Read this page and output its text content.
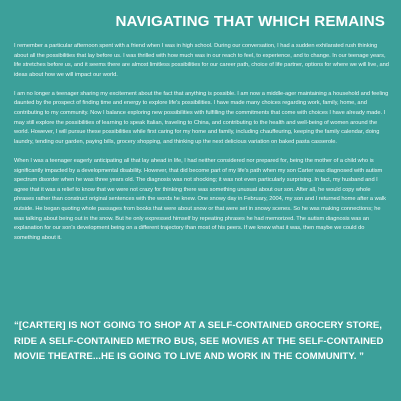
NAVIGATING THAT WHICH REMAINS

I remember a particular afternoon spent with a friend when I was in high school. During our conversation, I had a sudden exhilarated rush thinking about all the possibilities that lay before us. I was thrilled with how much was in our reach to feel, to experience, and to change. In our teenage years, life stretches before us, and it seems there are almost limitless possibilities for our career path, choice of life partner, options for where we will live, and ideas about how we will impact our world.

I am no longer a teenager sharing my excitement about the fact that anything is possible. I am now a middle-ager maintaining a household and feeling daunted by the prospect of finding time and energy to explore life's possibilities. I have made many choices regarding work, family, home, and contributing to my community. Now I balance exploring new possibilities with fulfilling the commitments that come with choices I have already made. I may still explore the possibilities of learning to speak Italian, traveling to China, and contributing to the health and well-being of women around the world. However, I will pursue these possibilities while first caring for my home and family, including chauffeuring, keeping the family calendar, doing laundry, tending our garden, paying bills, grocery shopping, and thinking up the next delicious variation on baked pasta casserole.

When I was a teenager eagerly anticipating all that lay ahead in life, I had neither considered nor prepared for, being the mother of a child who is significantly impacted by a developmental disability. However, that did become part of my life's path when my son Carter was diagnosed with autism spectrum disorder when he was three years old. The diagnosis was not shocking; it was not even particularly surprising. In fact, my husband and I agree that it was a relief to know that we were not crazy for thinking there was something unusual about our son. After all, he would copy whole phrases rather than construct original sentences with the words he knew. One snowy day in February, 2004, my son and I returned home after a walk outside. He began quoting whole passages from books that were about snow or that were set in snowy scenes. So he was making connections; he was talking about being out in the snow. But he only expressed himself by repeating phrases he had memorized. The autism diagnosis was an explanation for our son's development being on a different trajectory than most of his peers. If we knew what it was, then maybe we could do something about it.

“[CARTER] IS NOT GOING TO SHOP AT A SELF-CONTAINED GROCERY STORE, RIDE A SELF-CONTAINED METRO BUS, SEE MOVIES AT THE SELF-CONTAINED MOVIE THEATRE...HE IS GOING TO LIVE AND WORK IN THE COMMUNITY. ”
